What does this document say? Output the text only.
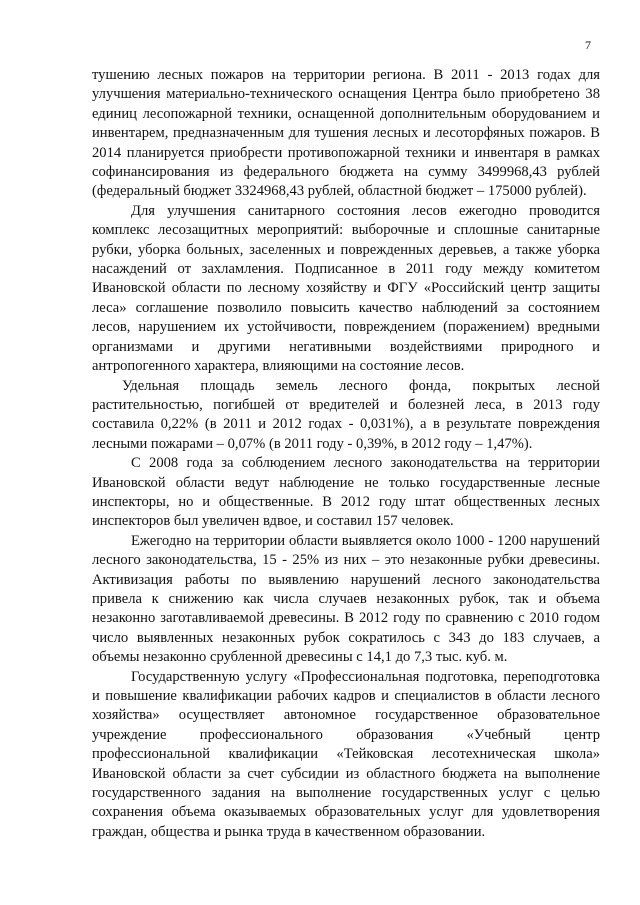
7

тушению лесных пожаров на территории региона. В 2011 - 2013 годах для улучшения материально-технического оснащения Центра было приобретено 38 единиц лесопожарной техники, оснащенной дополнительным оборудованием и инвентарем, предназначенным для тушения лесных и лесоторфяных пожаров. В 2014 планируется приобрести противопожарной техники и инвентаря в рамках софинансирования из федерального бюджета на сумму 3499968,43 рублей (федеральный бюджет 3324968,43 рублей, областной бюджет – 175000 рублей).

Для улучшения санитарного состояния лесов ежегодно проводится комплекс лесозащитных мероприятий: выборочные и сплошные санитарные рубки, уборка больных, заселенных и поврежденных деревьев, а также уборка насаждений от захламления. Подписанное в 2011 году между комитетом Ивановской области по лесному хозяйству и ФГУ «Российский центр защиты леса» соглашение позволило повысить качество наблюдений за состоянием лесов, нарушением их устойчивости, повреждением (поражением) вредными организмами и другими негативными воздействиями природного и антропогенного характера, влияющими на состояние лесов.

Удельная площадь земель лесного фонда, покрытых лесной растительностью, погибшей от вредителей и болезней леса, в 2013 году составила 0,22% (в 2011 и 2012 годах - 0,031%), а в результате повреждения лесными пожарами – 0,07% (в 2011 году - 0,39%, в 2012 году – 1,47%).

С 2008 года за соблюдением лесного законодательства на территории Ивановской области ведут наблюдение не только государственные лесные инспекторы, но и общественные. В 2012 году штат общественных лесных инспекторов был увеличен вдвое, и составил 157 человек.

Ежегодно на территории области выявляется около 1000 - 1200 нарушений лесного законодательства, 15 - 25% из них – это незаконные рубки древесины. Активизация работы по выявлению нарушений лесного законодательства привела к снижению как числа случаев незаконных рубок, так и объема незаконно заготавливаемой древесины. В 2012 году по сравнению с 2010 годом число выявленных незаконных рубок сократилось с 343 до 183 случаев, а объемы незаконно срубленной древесины с 14,1 до 7,3 тыс. куб. м.

Государственную услугу «Профессиональная подготовка, переподготовка и повышение квалификации рабочих кадров и специалистов в области лесного хозяйства» осуществляет автономное государственное образовательное учреждение профессионального образования «Учебный центр профессиональной квалификации «Тейковская лесотехническая школа» Ивановской области за счет субсидии из областного бюджета на выполнение государственного задания на выполнение государственных услуг с целью сохранения объема оказываемых образовательных услуг для удовлетворения граждан, общества и рынка труда в качественном образовании.
